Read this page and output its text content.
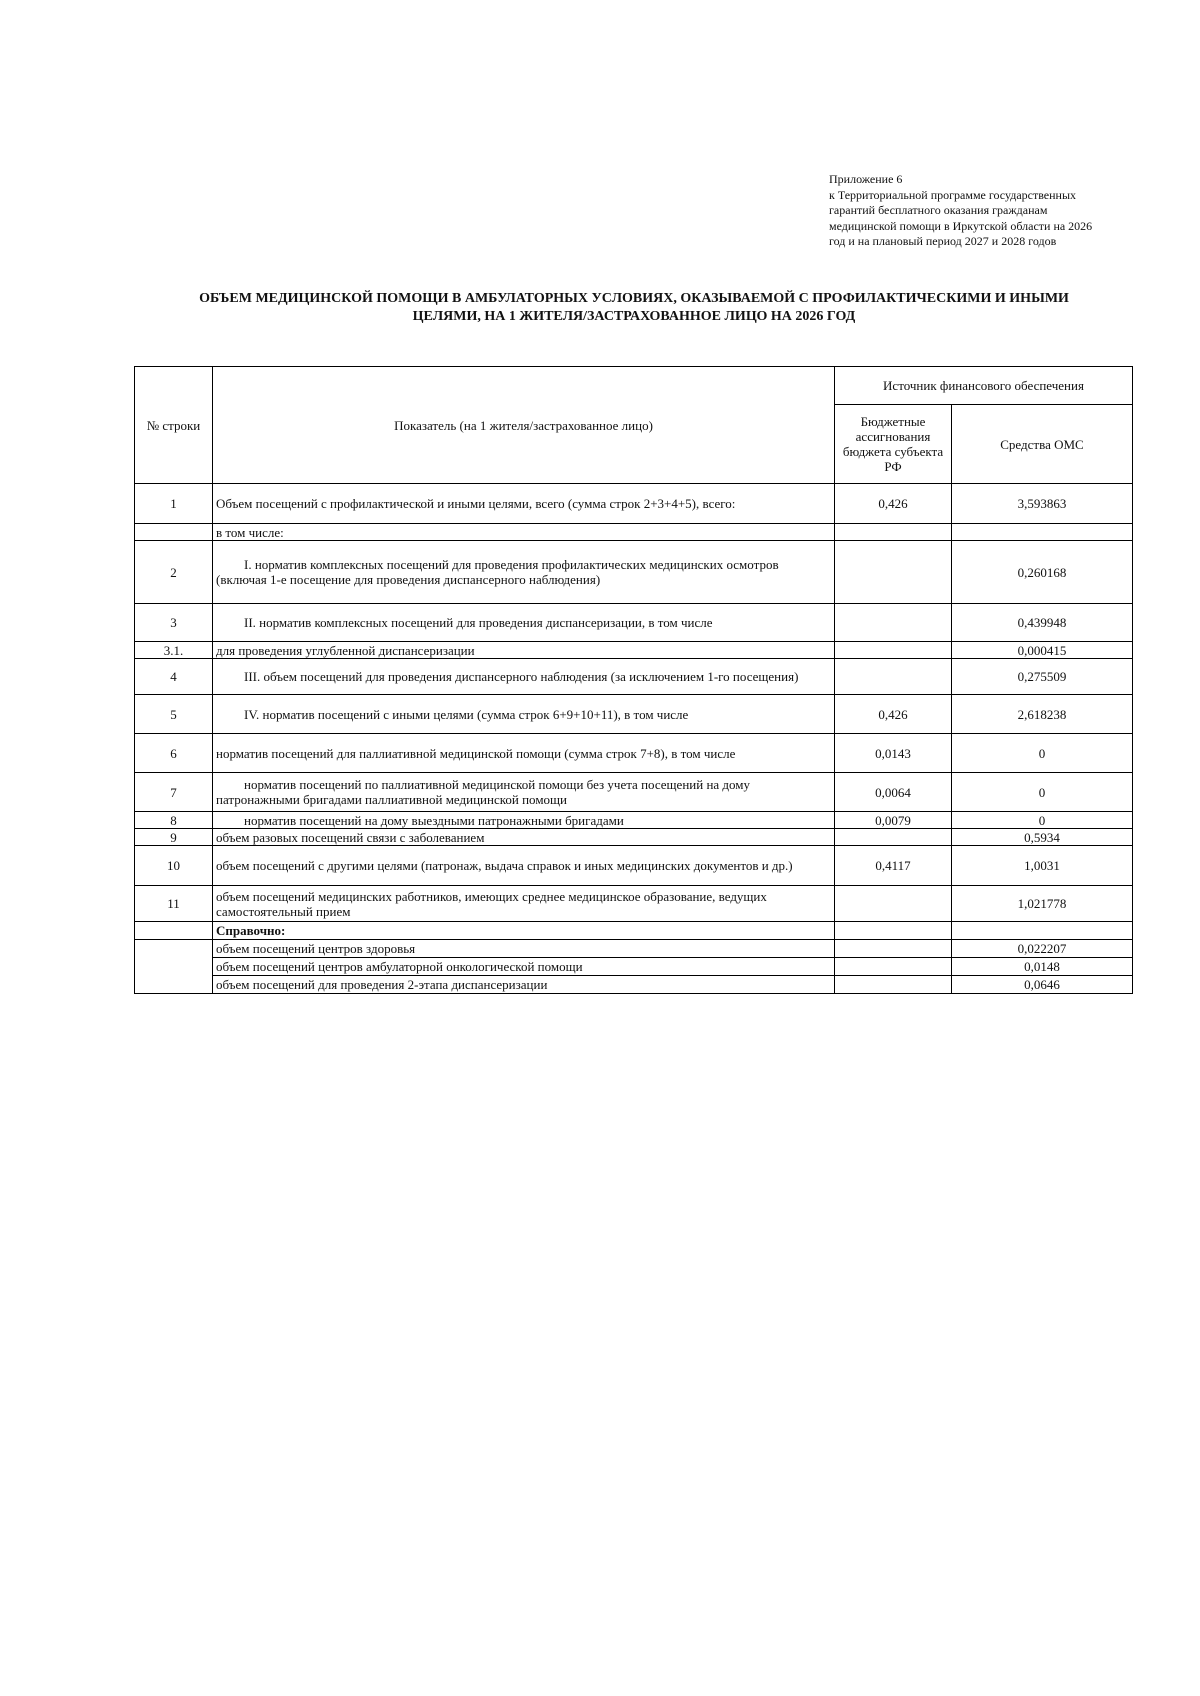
Приложение 6
к Территориальной программе государственных
гарантий бесплатного оказания гражданам
медицинской помощи в Иркутской области на 2026
год и на плановый период 2027 и 2028 годов
ОБЪЕМ МЕДИЦИНСКОЙ ПОМОЩИ В АМБУЛАТОРНЫХ УСЛОВИЯХ, ОКАЗЫВАЕМОЙ С ПРОФИЛАКТИЧЕСКИМИ И ИНЫМИ
ЦЕЛЯМИ, НА 1 ЖИТЕЛЯ/ЗАСТРАХОВАННОЕ ЛИЦО НА 2026 ГОД
№ строки	Показатель (на 1 жителя/застрахованное лицо)	Источник финансового обеспечения	
		Бюджетные ассигнования бюджета субъекта РФ	Средства ОМС
1	Объем посещений с профилактической и иными целями, всего (сумма строк 2+3+4+5), всего:	0,426	3,593863
	в том числе:		
2	I. норматив комплексных посещений для проведения профилактических медицинских осмотров (включая 1-е посещение для проведения диспансерного наблюдения)		0,260168
3	II. норматив комплексных посещений для проведения диспансеризации, в том числе		0,439948
3.1.	для проведения углубленной диспансеризации		0,000415
4	III. объем посещений для проведения диспансерного наблюдения (за исключением 1-го посещения)		0,275509
5	IV. норматив посещений с иными целями (сумма строк 6+9+10+11), в том числе	0,426	2,618238
6	норматив посещений для паллиативной медицинской помощи (сумма строк 7+8), в том числе	0,0143	0
7	норматив посещений по паллиативной медицинской помощи без учета посещений на дому патронажными бригадами паллиативной медицинской помощи	0,0064	0
8	норматив посещений на дому выездными патронажными бригадами	0,0079	0
9	объем разовых посещений связи с заболеванием		0,5934
10	объем посещений с другими целями (патронаж, выдача справок и иных медицинских документов и др.)	0,4117	1,0031
11	объем посещений медицинских работников, имеющих среднее медицинское образование, ведущих самостоятельный прием		1,021778
	Справочно:		
	объем посещений центров здоровья		0,022207
	объем посещений центров амбулаторной онкологической помощи		0,0148
	объем посещений для проведения 2-этапа диспансеризации		0,0646
